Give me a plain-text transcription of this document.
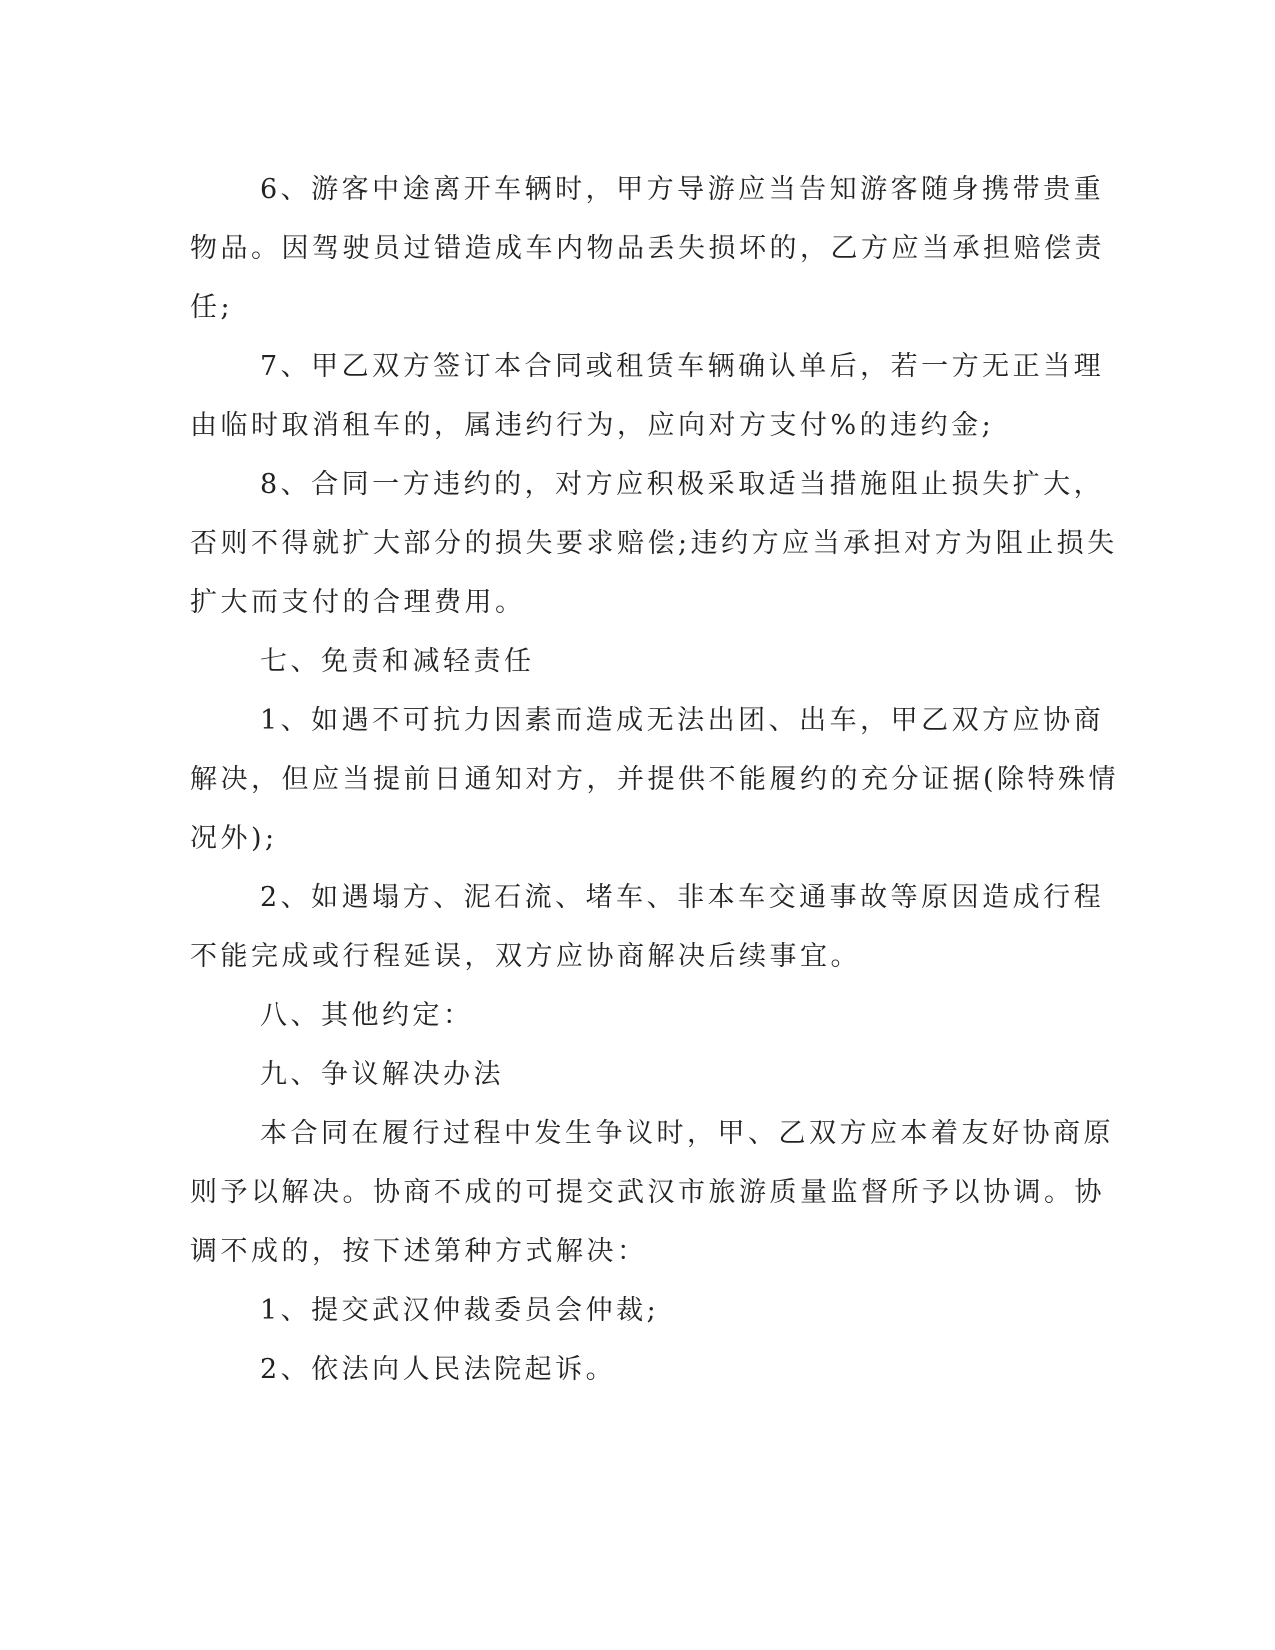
6、游客中途离开车辆时，甲方导游应当告知游客随身携带贵重
物品。因驾驶员过错造成车内物品丢失损坏的，乙方应当承担赔偿责
任;

7、甲乙双方签订本合同或租赁车辆确认单后，若一方无正当理
由临时取消租车的，属违约行为，应向对方支付%的违约金;

8、合同一方违约的，对方应积极采取适当措施阻止损失扩大，
否则不得就扩大部分的损失要求赔偿;违约方应当承担对方为阻止损失
扩大而支付的合理费用。

七、免责和减轻责任

1、如遇不可抗力因素而造成无法出团、出车，甲乙双方应协商
解决，但应当提前日通知对方，并提供不能履约的充分证据(除特殊情
况外);

2、如遇塌方、泥石流、堵车、非本车交通事故等原因造成行程
不能完成或行程延误，双方应协商解决后续事宜。

八、其他约定：

九、争议解决办法

本合同在履行过程中发生争议时，甲、乙双方应本着友好协商原
则予以解决。协商不成的可提交武汉市旅游质量监督所予以协调。协
调不成的，按下述第种方式解决：

1、提交武汉仲裁委员会仲裁;

2、依法向人民法院起诉。
